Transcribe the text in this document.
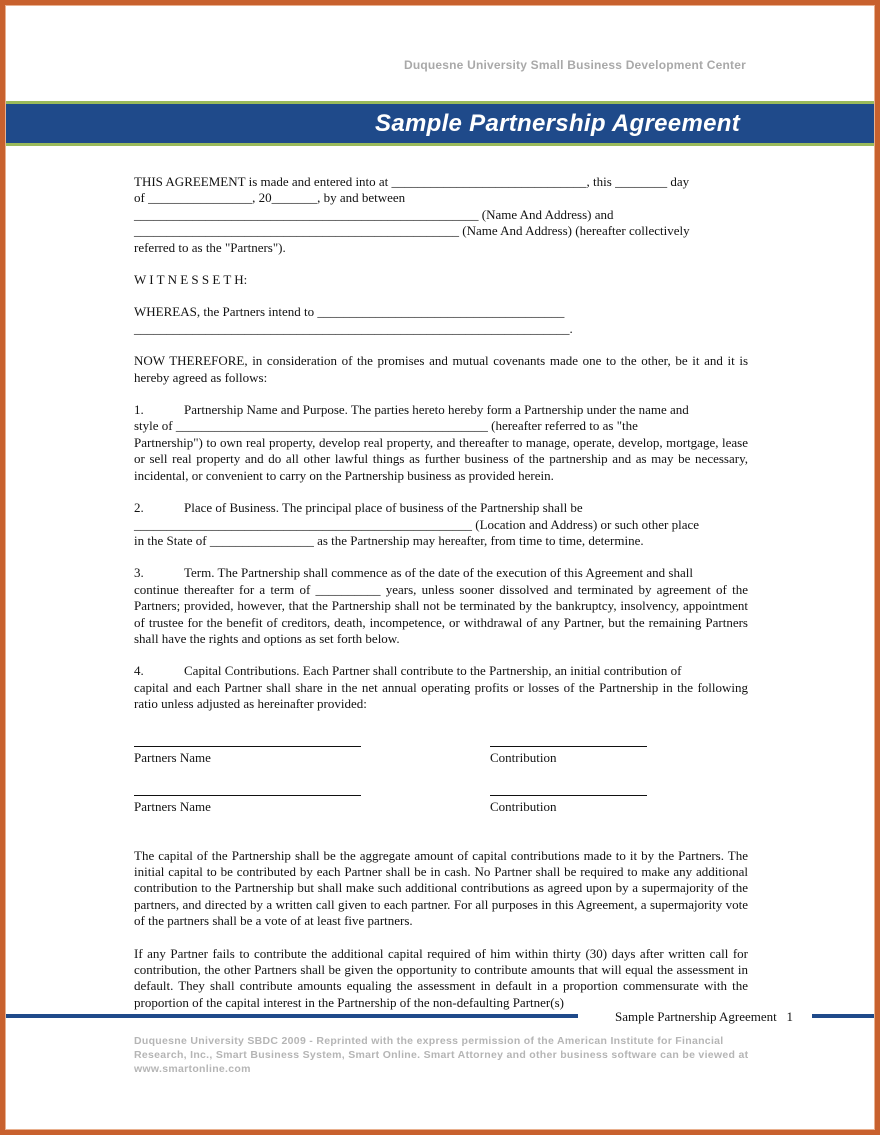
Duquesne University Small Business Development Center
Sample Partnership Agreement
THIS AGREEMENT is made and entered into at ______________________________, this ________ day
of ________________, 20_______, by and between
_____________________________________________________ (Name And Address) and
__________________________________________________ (Name And Address) (hereafter collectively
referred to as the "Partners").

W I T N E S S E T H:

WHEREAS, the Partners intend to ______________________________________
___________________________________________________________________.

NOW THEREFORE, in consideration of the promises and mutual covenants made one to the other, be it and it is hereby agreed as follows:

1.	Partnership Name and Purpose. The parties hereto hereby form a Partnership under the name and
style of ________________________________________________ (hereafter referred to as "the

Partnership") to own real property, develop real property, and thereafter to manage, operate, develop, mortgage, lease or sell real property and do all other lawful things as further business of the partnership and as may be necessary, incidental, or convenient to carry on the Partnership business as provided herein.

2.	Place of Business. The principal place of business of the Partnership shall be
____________________________________________________ (Location and Address) or such other place
in the State of ________________ as the Partnership may hereafter, from time to time, determine.
3.	Term. The Partnership shall commence as of the date of the execution of this Agreement and shall

continue thereafter for a term of __________ years, unless sooner dissolved and terminated by agreement of the Partners; provided, however, that the Partnership shall not be terminated by the bankruptcy, insolvency, appointment of trustee for the benefit of creditors, death, incompetence, or withdrawal of any Partner, but the remaining Partners shall have the rights and options as set forth below.

4.	Capital Contributions. Each Partner shall contribute to the Partnership, an initial contribution of

capital and each Partner shall share in the net annual operating profits or losses of the Partnership in the following ratio unless adjusted as hereinafter provided:

Partners Name	Contribution
Partners Name	Contribution

The capital of the Partnership shall be the aggregate amount of capital contributions made to it by the Partners. The initial capital to be contributed by each Partner shall be in cash. No Partner shall be required to make any additional contribution to the Partnership but shall make such additional contributions as agreed upon by a supermajority of the partners, and directed by a written call given to each partner. For all purposes in this Agreement, a supermajority vote of the partners shall be a vote of at least five partners.

If any Partner fails to contribute the additional capital required of him within thirty (30) days after written call for contribution, the other Partners shall be given the opportunity to contribute amounts that will equal the assessment in default. They shall contribute amounts equaling the assessment in default in a proportion commensurate with the proportion of the capital interest in the Partnership of the non-defaulting Partner(s)

Sample Partnership Agreement 1
Duquesne University SBDC 2009 - Reprinted with the express permission of the American Institute for Financial Research, Inc., Smart Business System, Smart Online. Smart Attorney and other business software can be viewed at www.smartonline.com
